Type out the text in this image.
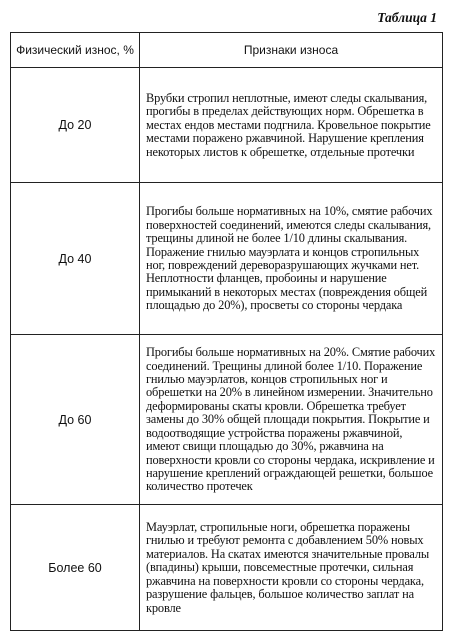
Таблица 1
Физический износ, %	Признаки износа
До 20	Врубки стропил неплотные, имеют следы скалывания, прогибы в пределах действующих норм. Обрешетка в местах ендов местами подгнила. Кровельное покрытие местами поражено ржавчиной. Нарушение крепления некоторых листов к обрешетке, отдельные протечки
До 40	Прогибы больше нормативных на 10%, смятие рабочих поверхностей соединений, имеются следы скалывания, трещины длиной не более 1/10 длины скалывания. Поражение гнилью мауэрлата и концов стропильных ног, повреждений дереворазрушающих жучками нет. Неплотности фланцев, пробоины и нарушение примыканий в некоторых местах (повреждения общей площадью до 20%), просветы со стороны чердака
До 60	Прогибы больше нормативных на 20%. Смятие рабочих соединений. Трещины длиной более 1/10. Поражение гнилью мауэрлатов, концов стропильных ног и обрешетки на 20% в линейном измерении. Значительно деформированы скаты кровли. Обрешетка требует замены до 30% общей площади покрытия. Покрытие и водоотводящие устройства поражены ржавчиной, имеют свищи площадью до 30%, ржавчина на поверхности кровли со стороны чердака, искривление и нарушение креплений ограждающей решетки, большое количество протечек
Более 60	Мауэрлат, стропильные ноги, обрешетка поражены гнилью и требуют ремонта с добавлением 50% новых материалов. На скатах имеются значительные провалы (впадины) крыши, повсеместные протечки, сильная ржавчина на поверхности кровли со стороны чердака, разрушение фальцев, большое количество заплат на кровле
